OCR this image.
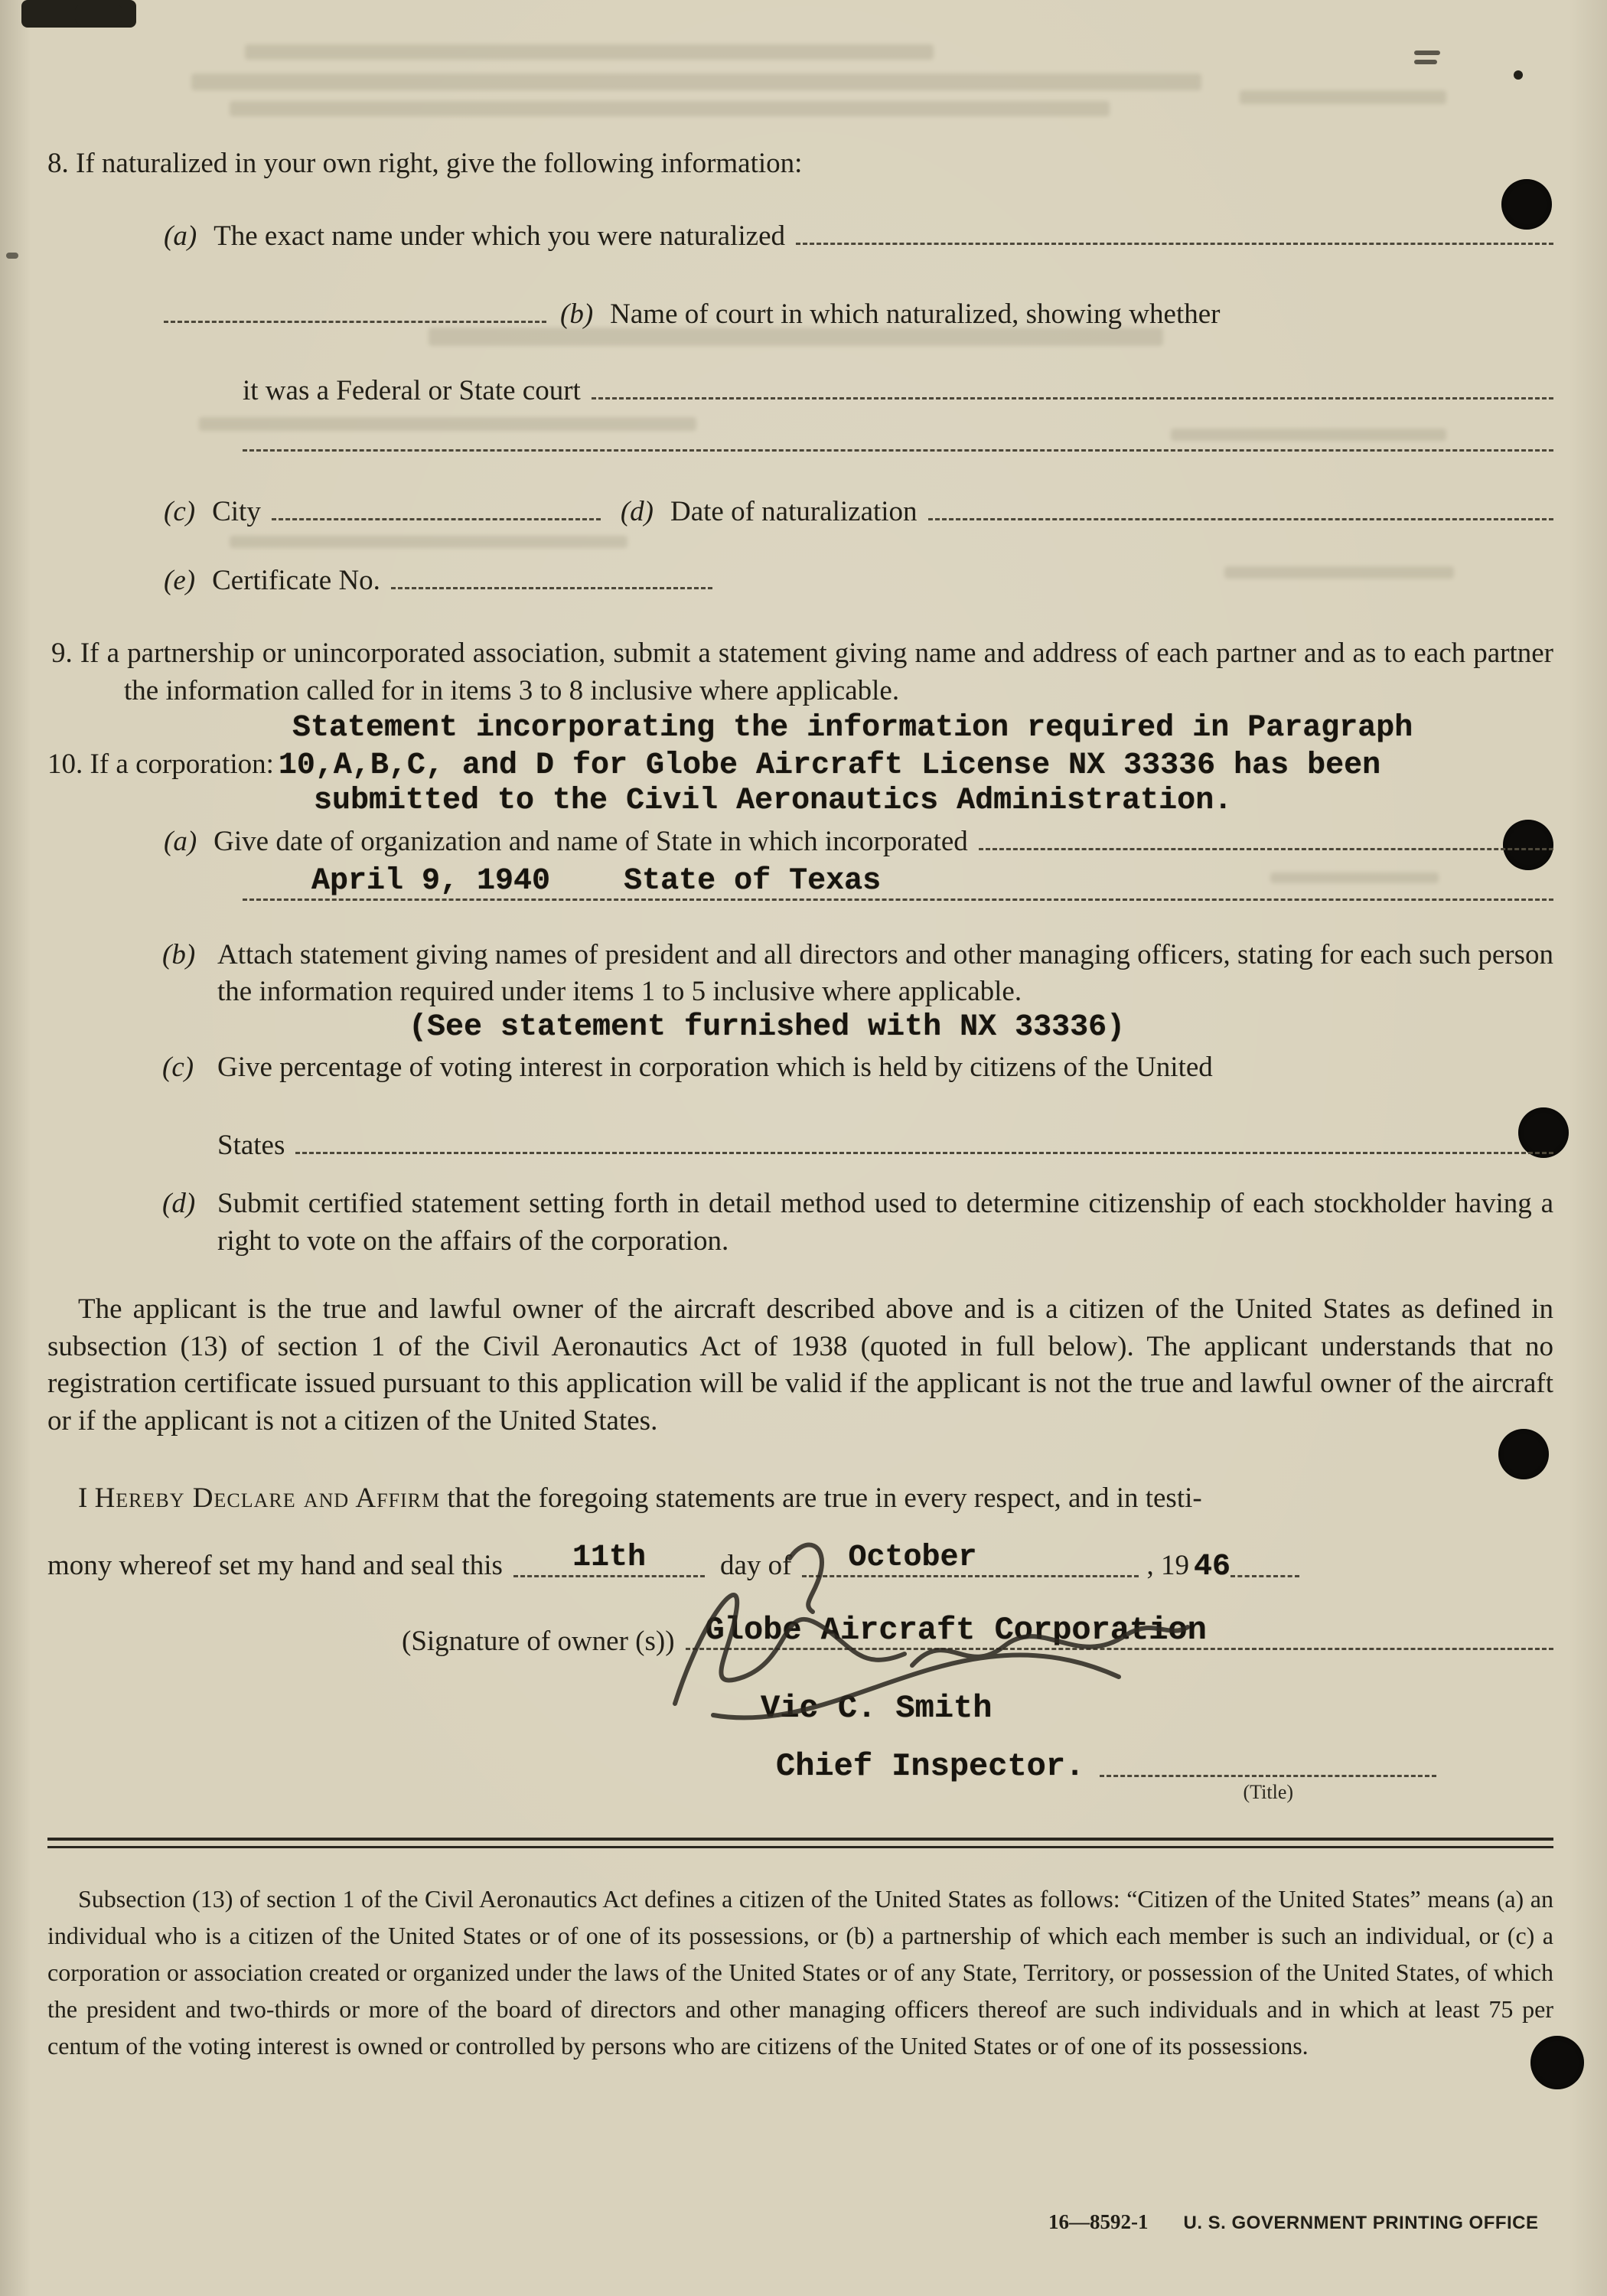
8. If naturalized in your own right, give the following information:

(a) The exact name under which you were naturalized
(b) Name of court in which naturalized, showing whether
it was a Federal or State court
(c) City	(d) Date of naturalization
(e) Certificate No.

9. If a partnership or unincorporated association, submit a statement giving name and address of each partner and as to each partner the information called for in items 3 to 8 inclusive where applicable.

Statement incorporating the information required in Paragraph

10. If a corporation: 10,A,B,C, and D for Globe Aircraft License NX 33336 has been

submitted to the Civil Aeronautics Administration.

(a) Give date of organization and name of State in which incorporated
April 9, 1940    State of Texas
(b) Attach statement giving names of president and all directors and other managing officers, stating for each such person the information required under items 1 to 5 inclusive where applicable.

(See statement furnished with NX 33336)

(c) Give percentage of voting interest in corporation which is held by citizens of the United
States
(d) Submit certified statement setting forth in detail method used to determine citizenship of each stockholder having a right to vote on the affairs of the corporation.

The applicant is the true and lawful owner of the aircraft described above and is a citizen of the United States as defined in subsection (13) of section 1 of the Civil Aeronautics Act of 1938 (quoted in full below). The applicant understands that no registration certificate issued pursuant to this application will be valid if the applicant is not the true and lawful owner of the aircraft or if the applicant is not a citizen of the United States.

I Hereby Declare and Affirm that the foregoing statements are true in every respect, and in testi-

mony whereof set my hand and seal this 11th	day of October	, 19 46
(Signature of owner (s)) Globe Aircraft Corporation

Vic C. Smith

Chief Inspector.
(Title)

Subsection (13) of section 1 of the Civil Aeronautics Act defines a citizen of the United States as follows: “Citizen of the United States” means (a) an individual who is a citizen of the United States or of one of its possessions, or (b) a partnership of which each member is such an individual, or (c) a corporation or association created or organized under the laws of the United States or of any State, Territory, or possession of the United States, of which the president and two-thirds or more of the board of directors and other managing officers thereof are such individuals and in which at least 75 per centum of the voting interest is owned or controlled by persons who are citizens of the United States or of one of its possessions.

16—8592-1 U. S. GOVERNMENT PRINTING OFFICE
